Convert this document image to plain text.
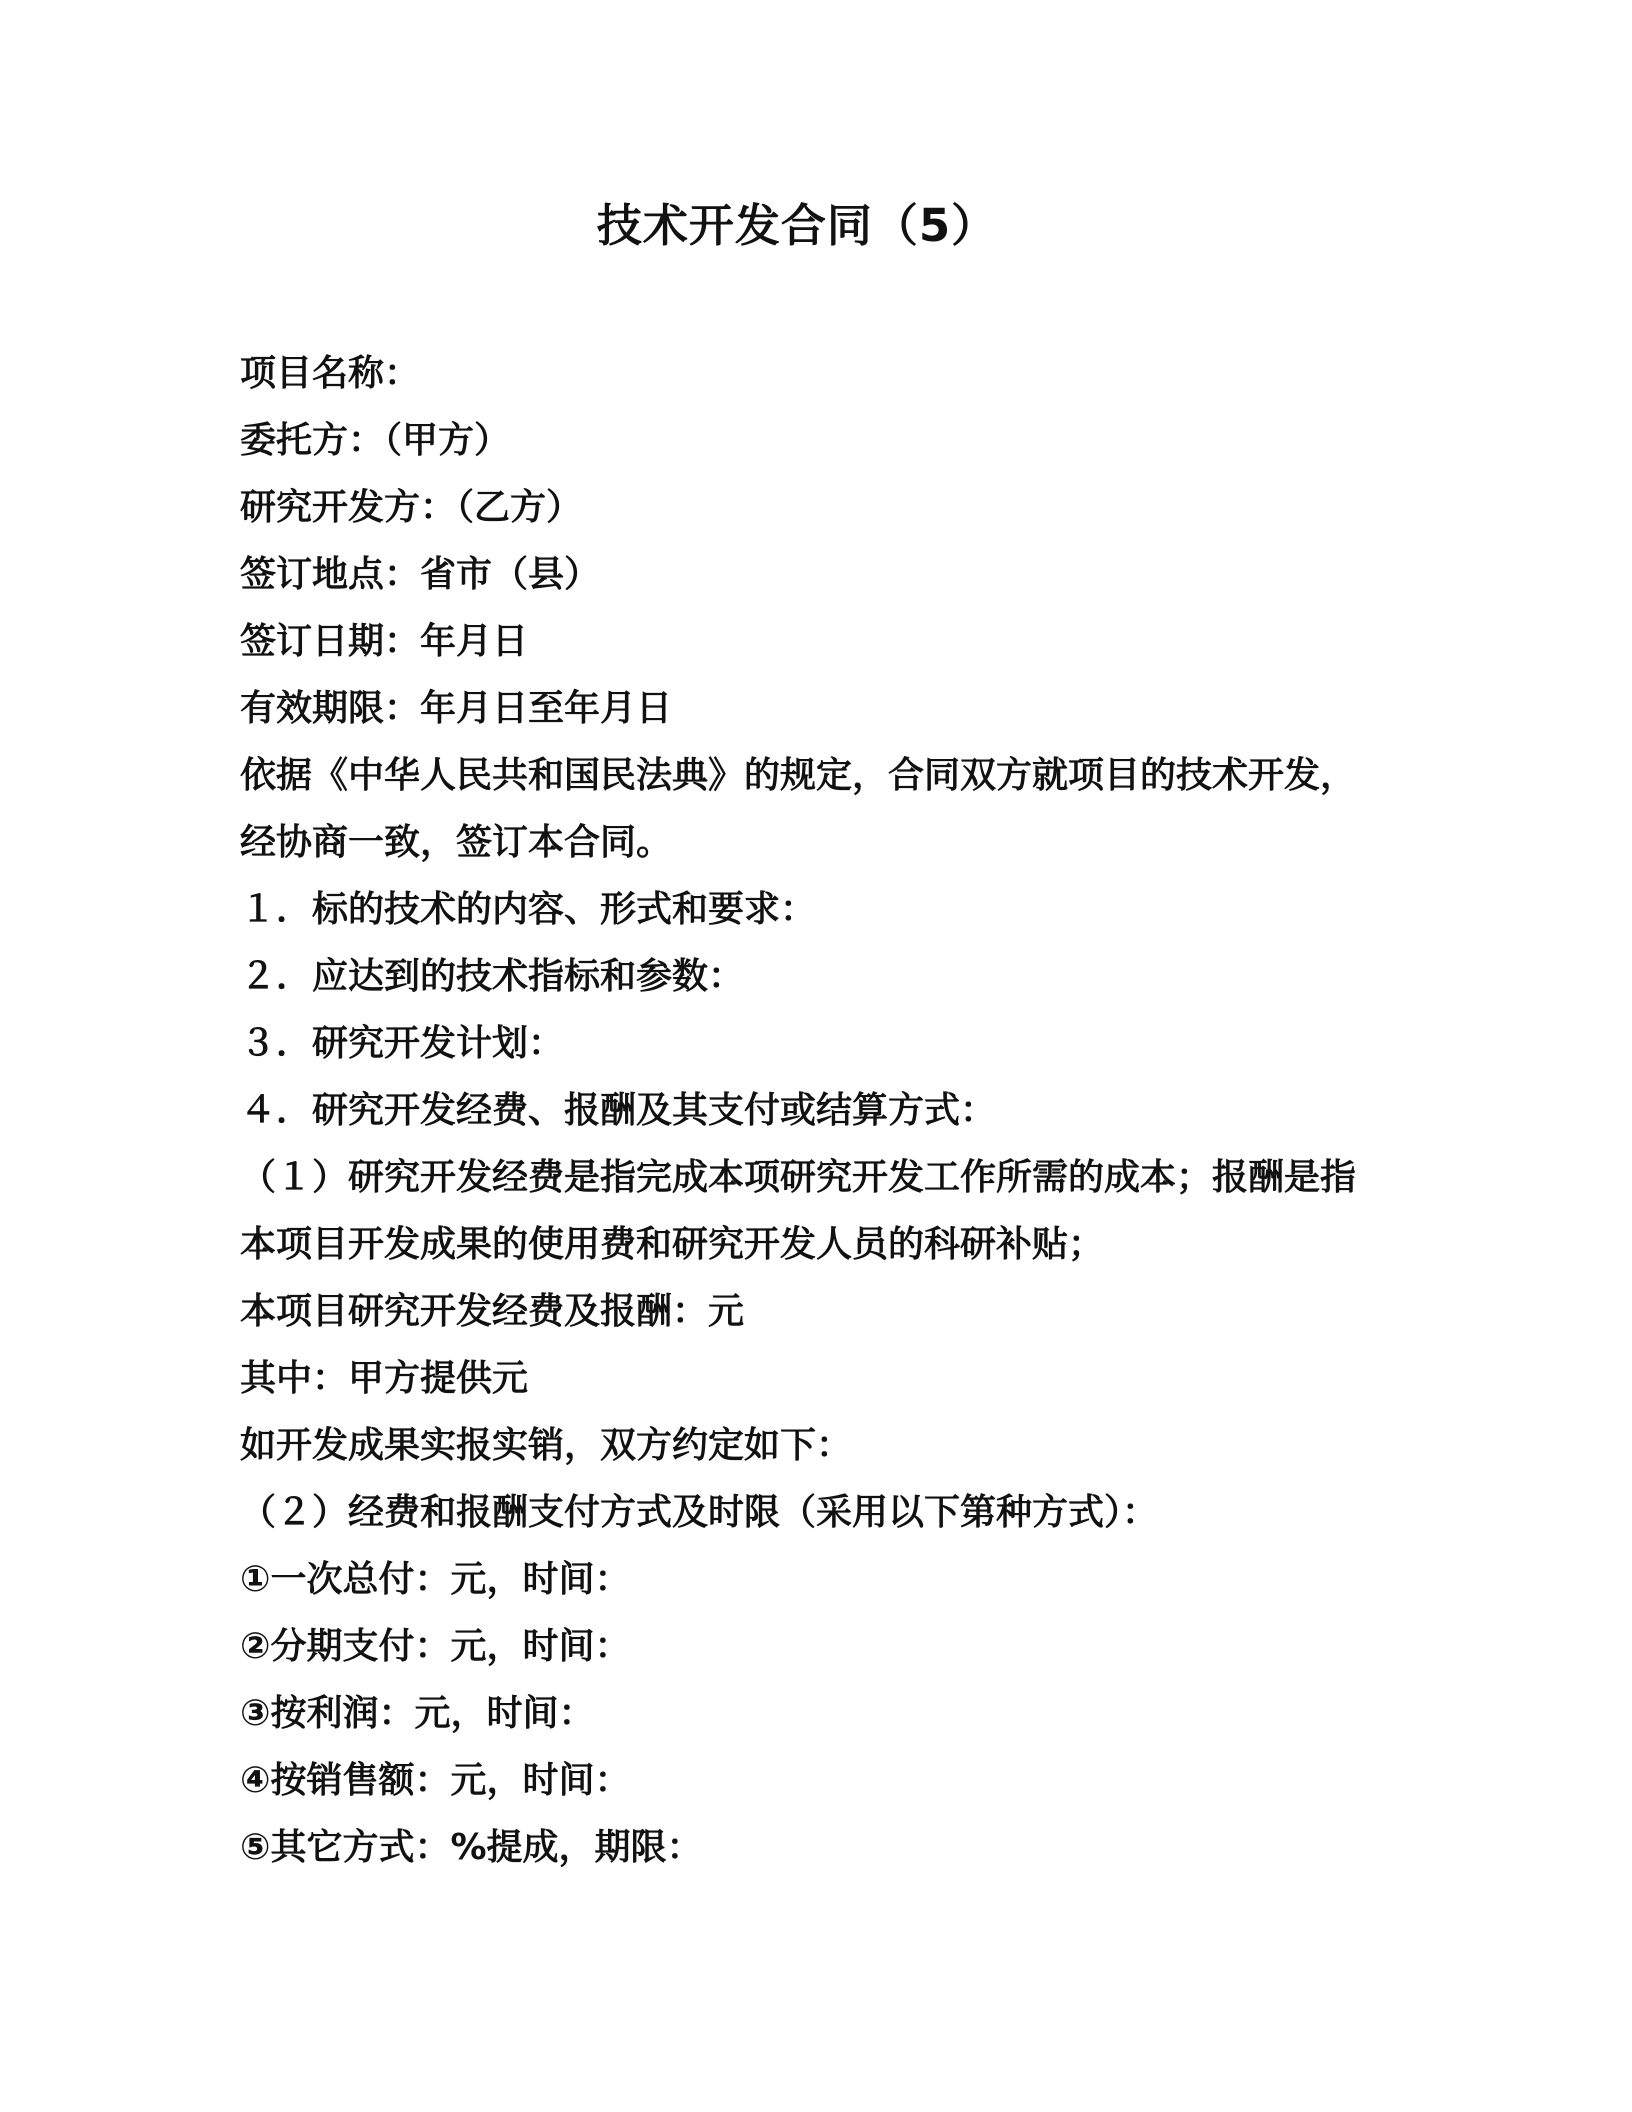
技术开发合同（5）

项目名称：

委托方：（甲方）

研究开发方：（乙方）

签订地点：省市（县）

签订日期：年月日

有效期限：年月日至年月日

依据《中华人民共和国民法典》的规定，合同双方就项目的技术开发，

经协商一致，签订本合同。

１．标的技术的内容、形式和要求：

２．应达到的技术指标和参数：

３．研究开发计划：

４．研究开发经费、报酬及其支付或结算方式：

（１）研究开发经费是指完成本项研究开发工作所需的成本；报酬是指

本项目开发成果的使用费和研究开发人员的科研补贴；

本项目研究开发经费及报酬：元

其中：甲方提供元

如开发成果实报实销，双方约定如下：

（２）经费和报酬支付方式及时限（采用以下第种方式）：

①一次总付：元，时间：

②分期支付：元，时间：

③按利润：元，时间：

④按销售额：元，时间：

⑤其它方式：%提成，期限：
